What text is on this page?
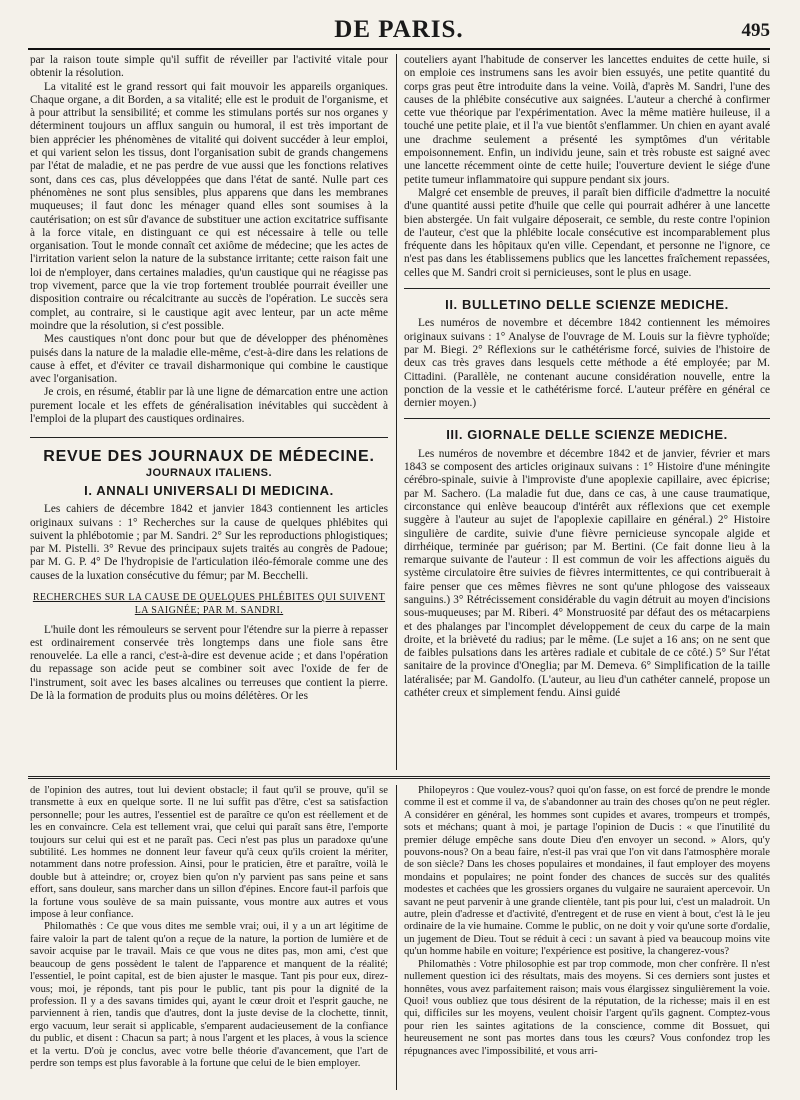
DE PARIS.	495

par la raison toute simple qu'il suffit de réveiller par l'activité vitale pour obtenir la résolution.

La vitalité est le grand ressort qui fait mouvoir les appareils organiques. Chaque organe, a dit Borden, a sa vitalité; elle est le produit de l'organisme, et à pour attribut la sensibilité; et comme les stimulans portés sur nos organes y déterminent toujours un afflux sanguin ou humoral, il est très important de bien apprécier les phénomènes de vitalité qui doivent succéder à leur emploi, et qui varient selon les tissus, dont l'organisation subit de grands changemens par l'état de maladie, et ne pas perdre de vue aussi que les fonctions relatives sont, dans ces cas, plus développées que dans l'état de santé. Nulle part ces phénomènes ne sont plus sensibles, plus apparens que dans les membranes muqueuses; il faut donc les ménager quand elles sont soumises à la cautérisation; on est sûr d'avance de substituer une action excitatrice suffisante à la force vitale, en distinguant ce qui est nécessaire à telle ou telle organisation. Tout le monde connaît cet axiôme de médecine; que les actes de l'irritation varient selon la nature de la substance irritante; cette raison fait une loi de n'employer, dans certaines maladies, qu'un caustique qui ne réagisse pas trop vivement, parce que la vie trop fortement troublée pourrait éveiller une disposition contraire ou récalcitrante au succès de l'opération. Le succès sera complet, au contraire, si le caustique agit avec lenteur, par un acte même moindre que la résolution, si c'est possible.

Mes caustiques n'ont donc pour but que de développer des phénomènes puisés dans la nature de la maladie elle-même, c'est-à-dire dans les relations de cause à effet, et d'éviter ce travail disharmonique qui combine le caustique avec l'organisation.

Je crois, en résumé, établir par là une ligne de démarcation entre une action purement locale et les effets de généralisation inévitables qui succèdent à l'emploi de la plupart des caustiques ordinaires.

REVUE DES JOURNAUX DE MÉDECINE.
JOURNAUX ITALIENS.
I. ANNALI UNIVERSALI DI MEDICINA.

Les cahiers de décembre 1842 et janvier 1843 contiennent les articles originaux suivans : 1° Recherches sur la cause de quelques phlébites qui suivent la phlébotomie ; par M. Sandri. 2° Sur les reproductions phlogistiques; par M. Pistelli. 3° Revue des principaux sujets traités au congrès de Padoue; par M. G. P. 4° De l'hydropisie de l'articulation iléo-fémorale comme une des causes de la luxation consécutive du fémur; par M. Becchelli.

RECHERCHES SUR LA CAUSE DE QUELQUES PHLÉBITES QUI SUIVENT LA SAIGNÉE; PAR M. SANDRI.

L'huile dont les rémouleurs se servent pour l'étendre sur la pierre à repasser est ordinairement conservée très longtemps dans une fiole sans être renouvelée. La elle a ranci, c'est-à-dire est devenue acide ; et dans l'opération du repassage son acide peut se combiner soit avec l'oxide de fer de l'instrument, soit avec les bases alcalines ou terreuses que contient la pierre. De là la formation de produits plus ou moins délétères. Or les

couteliers ayant l'habitude de conserver les lancettes enduites de cette huile, si on emploie ces instrumens sans les avoir bien essuyés, une petite quantité du corps gras peut être introduite dans la veine. Voilà, d'après M. Sandri, l'une des causes de la phlébite consécutive aux saignées. L'auteur a cherché à confirmer cette vue théorique par l'expérimentation. Avec la même matière huileuse, il a touché une petite plaie, et il l'a vue bientôt s'enflammer. Un chien en ayant avalé une drachme seulement a présenté les symptômes d'un véritable empoisonnement. Enfin, un individu jeune, sain et très robuste est saigné avec une lancette récemment ointe de cette huile; l'ouverture devient le siége d'une petite tumeur inflammatoire qui suppure pendant six jours.

Malgré cet ensemble de preuves, il paraît bien difficile d'admettre la nocuité d'une quantité aussi petite d'huile que celle qui pourrait adhérer à une lancette bien abstergée. Un fait vulgaire déposerait, ce semble, du reste contre l'opinion de l'auteur, c'est que la phlébite locale consécutive est incomparablement plus fréquente dans les hôpitaux qu'en ville. Cependant, et personne ne l'ignore, ce n'est pas dans les établissemens publics que les lancettes fraîchement repassées, celles que M. Sandri croit si pernicieuses, sont le plus en usage.

II. BULLETINO DELLE SCIENZE MEDICHE.

Les numéros de novembre et décembre 1842 contiennent les mémoires originaux suivans : 1° Analyse de l'ouvrage de M. Louis sur la fièvre typhoïde; par M. Biegi. 2° Réflexions sur le cathétérisme forcé, suivies de l'histoire de deux cas très graves dans lesquels cette méthode a été employée; par M. Cittadini. (Parallèle, ne contenant aucune considération nouvelle, entre la ponction de la vessie et le cathétérisme forcé. L'auteur préfère en général ce dernier moyen.)

III. GIORNALE DELLE SCIENZE MEDICHE.

Les numéros de novembre et décembre 1842 et de janvier, février et mars 1843 se composent des articles originaux suivans : 1° Histoire d'une méningite cérébro-spinale, suivie à l'improviste d'une apoplexie capillaire, avec épicrise; par M. Sachero. (La maladie fut due, dans ce cas, à une cause traumatique, circonstance qui enlève beaucoup d'intérêt aux réflexions que cet exemple suggère à l'auteur au sujet de l'apoplexie capillaire en général.) 2° Histoire singulière de cardite, suivie d'une fièvre pernicieuse syncopale algide et dirrhéique, terminée par guérison; par M. Bertini. (Ce fait donne lieu à la remarque suivante de l'auteur : Il est commun de voir les affections aiguës du système circulatoire être suivies de fièvres intermittentes, ce qui contribuerait à faire penser que ces mêmes fièvres ne sont qu'une phlogose des vaisseaux sanguins.) 3° Rétrécissement considérable du vagin détruit au moyen d'incisions sous-muqueuses; par M. Riberi. 4° Monstruosité par défaut des os métacarpiens et des phalanges par l'incomplet développement de ceux du carpe de la main droite, et la brièveté du radius; par le même. (Le sujet a 16 ans; on ne sent que de faibles pulsations dans les artères radiale et cubitale de ce côté.) 5° Sur l'état sanitaire de la province d'Oneglia; par M. Demeva. 6° Simplification de la taille latéralisée; par M. Gandolfo. (L'auteur, au lieu d'un cathéter cannelé, propose un cathéter creux et simplement fendu. Ainsi guidé

de l'opinion des autres, tout lui devient obstacle; il faut qu'il se prouve, qu'il se transmette à eux en quelque sorte. Il ne lui suffit pas d'être, c'est sa satisfaction personnelle; pour les autres, l'essentiel est de paraître ce qu'on est réellement et de les en convaincre. Cela est tellement vrai, que celui qui paraît sans être, l'emporte toujours sur celui qui est et ne paraît pas. Ceci n'est pas plus un paradoxe qu'une subtilité. Les hommes ne donnent leur faveur qu'à ceux qu'ils croient la mériter, notamment dans notre profession. Ainsi, pour le praticien, être et paraître, voilà le double but à atteindre; or, croyez bien qu'on n'y parvient pas sans peine et sans effort, sans douleur, sans marcher dans un sillon d'épines. Encore faut-il parfois que la fortune vous soulève de sa main puissante, vous montre aux autres et vous impose à leur confiance.

Philomathès : Ce que vous dites me semble vrai; oui, il y a un art légitime de faire valoir la part de talent qu'on a reçue de la nature, la portion de lumière et de savoir acquise par le travail. Mais ce que vous ne dites pas, mon ami, c'est que beaucoup de gens possèdent le talent de l'apparence et manquent de la réalité; l'essentiel, le point capital, est de bien ajuster le masque. Tant pis pour eux, direz-vous; moi, je réponds, tant pis pour le public, tant pis pour la dignité de la profession. Il y a des savans timides qui, ayant le cœur droit et l'esprit gauche, ne parviennent à rien, tandis que d'autres, dont la juste devise de la clochette, tinnit, ergo vacuum, leur serait si applicable, s'emparent audacieusement de la confiance du public, et disent : Chacun sa part; à nous l'argent et les places, à vous la science et la vertu. D'où je conclus, avec votre belle théorie d'avancement, que l'art de perdre son temps est plus favorable à la fortune que celui de le bien employer.

Philopeyros : Que voulez-vous? quoi qu'on fasse, on est forcé de prendre le monde comme il est et comme il va, de s'abandonner au train des choses qu'on ne peut régler. A considérer en général, les hommes sont cupides et avares, trompeurs et trompés, sots et méchans; quant à moi, je partage l'opinion de Ducis : « que l'inutilité du premier déluge empêche sans doute Dieu d'en envoyer un second. » Alors, qu'y pouvons-nous? On a beau faire, n'est-il pas vrai que l'on vit dans l'atmosphère morale de son siècle? Dans les choses populaires et mondaines, il faut employer des moyens mondains et populaires; ne point fonder des chances de succès sur des qualités modestes et cachées que les grossiers organes du vulgaire ne sauraient apercevoir. Un savant ne peut parvenir à une grande clientèle, tant pis pour lui, c'est un maladroit. Un autre, plein d'adresse et d'activité, d'entregent et de ruse en vient à bout, c'est là le jeu ordinaire de la vie humaine. Comme le public, on ne doit y voir qu'une sorte d'ordalie, un jugement de Dieu. Tout se réduit à ceci : un savant à pied va beaucoup moins vite qu'un homme habile en voiture; l'expérience est positive, la changerez-vous?

Philomathès : Votre philosophie est par trop commode, mon cher confrère. Il n'est nullement question ici des résultats, mais des moyens. Si ces derniers sont justes et honnêtes, vous avez parfaitement raison; mais vous élargissez singulièrement la voie. Quoi! vous oubliez que tous désirent de la réputation, de la richesse; mais il en est qui, difficiles sur les moyens, veulent choisir l'argent qu'ils gagnent. Comptez-vous pour rien les saintes agitations de la conscience, comme dit Bossuet, qui heureusement ne sont pas mortes dans tous les cœurs? Vous confondez trop les répugnances avec l'impossibilité, et vous arri-
